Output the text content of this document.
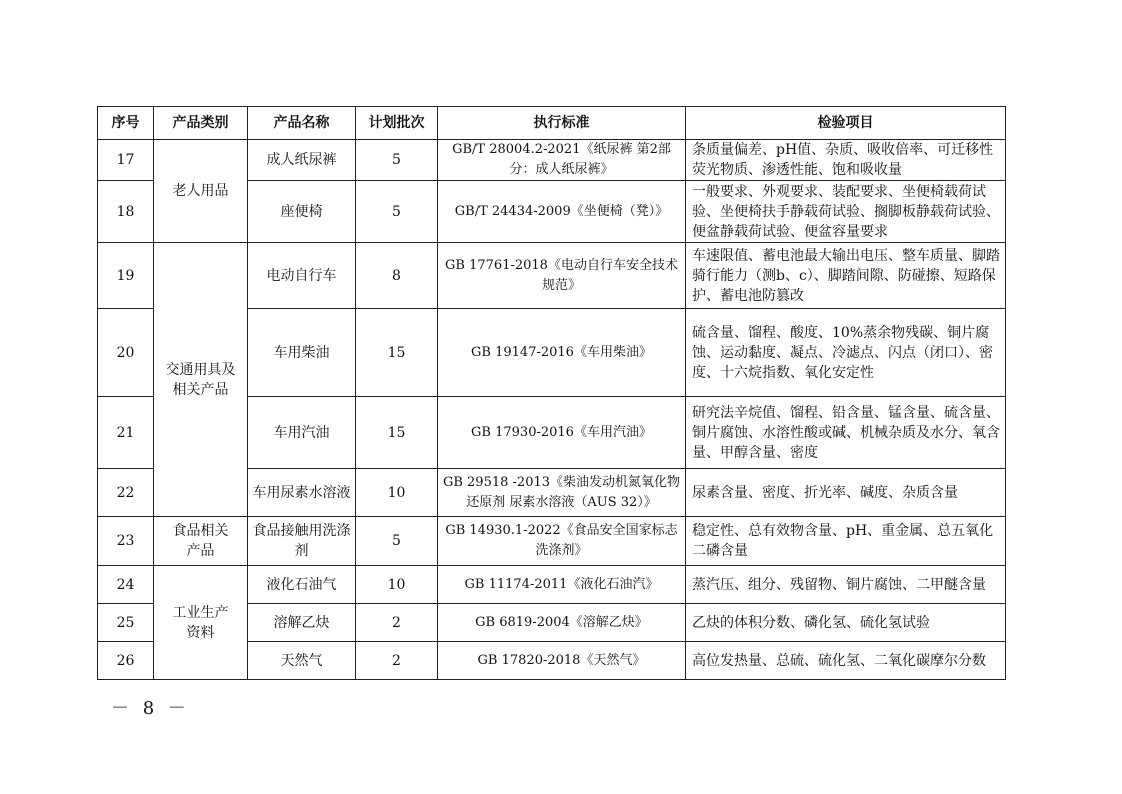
序号	产品类别	产品名称	计划批次	执行标准	检验项目
17	老人用品	成人纸尿裤	5	GB/T 28004.2-2021《纸尿裤 第2部分：成人纸尿裤》	条质量偏差、pH值、杂质、吸收倍率、可迁移性荧光物质、渗透性能、饱和吸收量
18		座便椅	5	GB/T 24434-2009《坐便椅（凳）》	一般要求、外观要求、装配要求、坐便椅载荷试验、坐便椅扶手静载荷试验、搁脚板静载荷试验、便盆静载荷试验、便盆容量要求
19	交通用具及相关产品	电动自行车	8	GB 17761-2018《电动自行车安全技术规范》	车速限值、蓄电池最大输出电压、整车质量、脚踏骑行能力（测b、c）、脚踏间隙、防碰擦、短路保护、蓄电池防篡改
20		车用柴油	15	GB 19147-2016《车用柴油》	硫含量、馏程、酸度、10%蒸余物残碳、铜片腐蚀、运动黏度、凝点、冷滤点、闪点（闭口）、密度、十六烷指数、氧化安定性
21		车用汽油	15	GB 17930-2016《车用汽油》	研究法辛烷值、馏程、铅含量、锰含量、硫含量、铜片腐蚀、水溶性酸或碱、机械杂质及水分、氧含量、甲醇含量、密度
22		车用尿素水溶液	10	GB 29518 -2013《柴油发动机氮氧化物还原剂 尿素水溶液（AUS 32）》	尿素含量、密度、折光率、碱度、杂质含量
23	食品相关产品	食品接触用洗涤剂	5	GB 14930.1-2022《食品安全国家标志 洗涤剂》	稳定性、总有效物含量、pH、重金属、总五氧化二磷含量
24	工业生产资料	液化石油气	10	GB 11174-2011《液化石油汽》	蒸汽压、组分、残留物、铜片腐蚀、二甲醚含量
25		溶解乙炔	2	GB 6819-2004《溶解乙炔》	乙炔的体积分数、磷化氢、硫化氢试验
26		天然气	2	GB 17820-2018《天然气》	高位发热量、总硫、硫化氢、二氧化碳摩尔分数
－ 8 －
